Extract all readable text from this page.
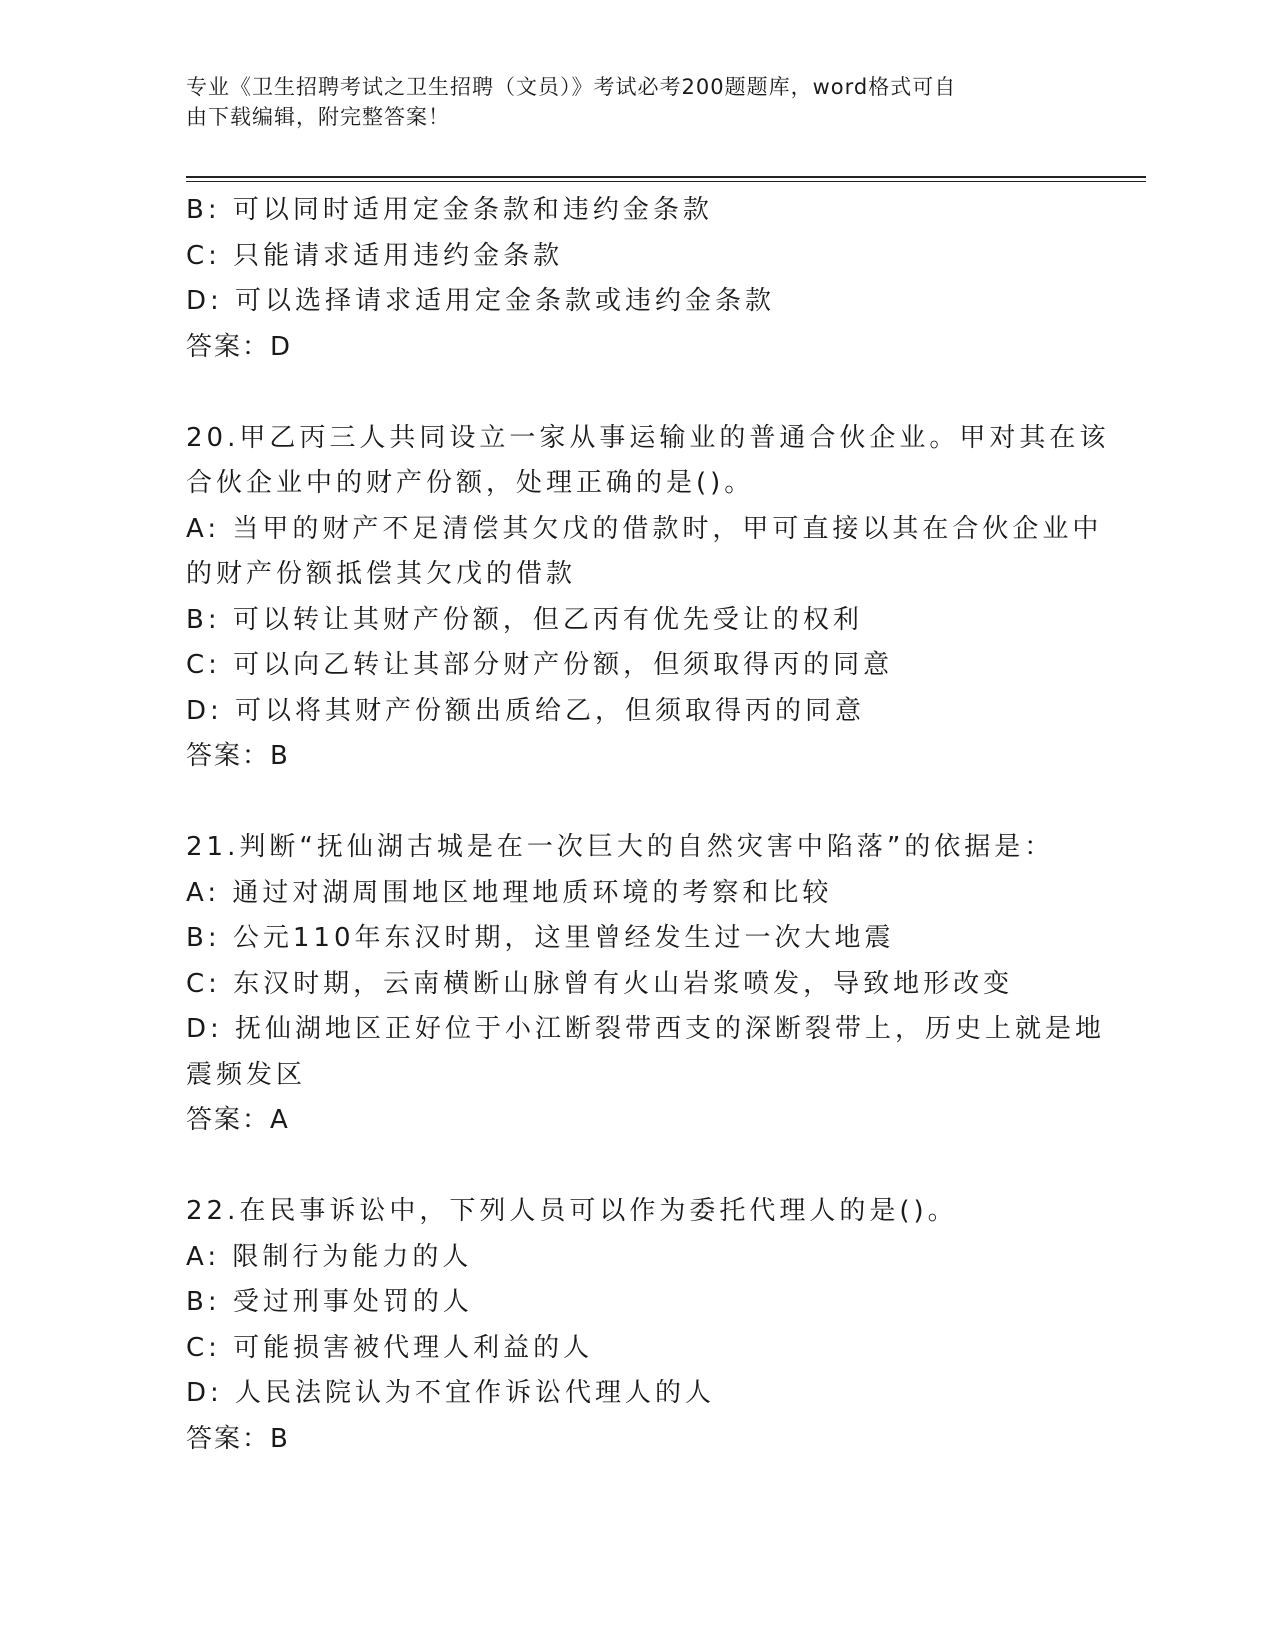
专业《卫生招聘考试之卫生招聘（文员）》考试必考200题题库，word格式可自
由下载编辑，附完整答案！
B: 可以同时适用定金条款和违约金条款
C: 只能请求适用违约金条款
D: 可以选择请求适用定金条款或违约金条款
答案：D
20.甲乙丙三人共同设立一家从事运输业的普通合伙企业。甲对其在该
合伙企业中的财产份额，处理正确的是()。
A: 当甲的财产不足清偿其欠戊的借款时，甲可直接以其在合伙企业中
的财产份额抵偿其欠戊的借款
B: 可以转让其财产份额，但乙丙有优先受让的权利
C: 可以向乙转让其部分财产份额，但须取得丙的同意
D: 可以将其财产份额出质给乙，但须取得丙的同意
答案：B
21.判断“抚仙湖古城是在一次巨大的自然灾害中陷落”的依据是：
A: 通过对湖周围地区地理地质环境的考察和比较
B: 公元110年东汉时期，这里曾经发生过一次大地震
C: 东汉时期，云南横断山脉曾有火山岩浆喷发，导致地形改变
D: 抚仙湖地区正好位于小江断裂带西支的深断裂带上，历史上就是地
震频发区
答案：A
22.在民事诉讼中，下列人员可以作为委托代理人的是()。
A: 限制行为能力的人
B: 受过刑事处罚的人
C: 可能损害被代理人利益的人
D: 人民法院认为不宜作诉讼代理人的人
答案：B
